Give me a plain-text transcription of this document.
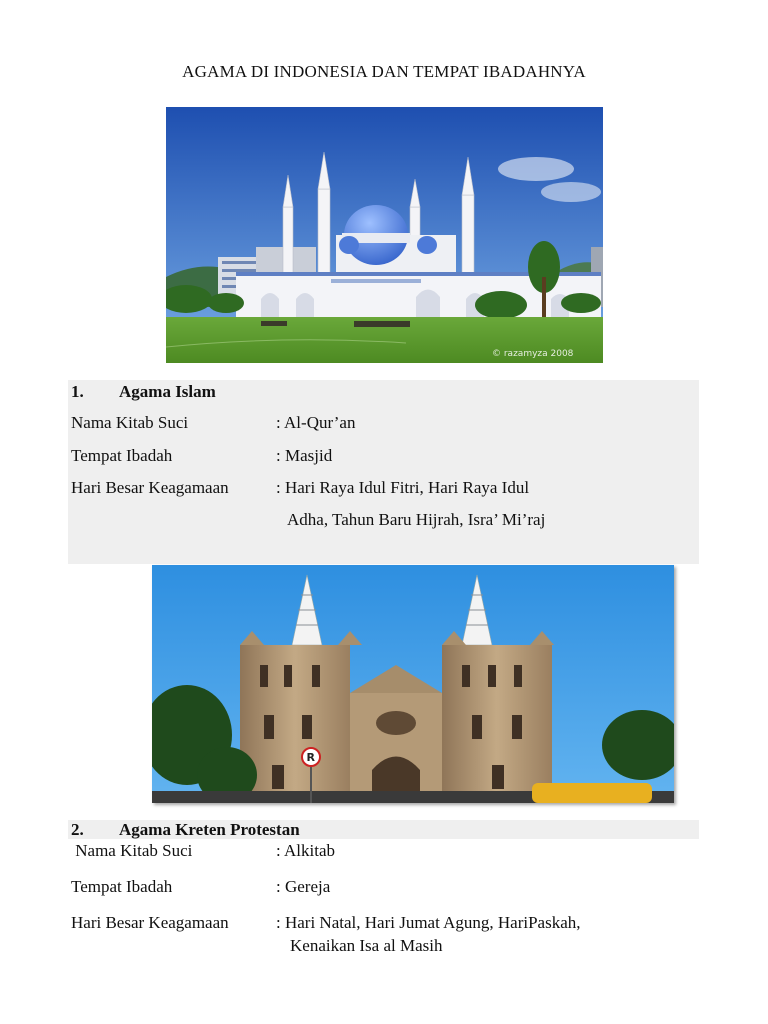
AGAMA DI INDONESIA DAN TEMPAT IBADAHNYA
© razamyza 2008
1. Agama Islam
Nama Kitab Suci	: Al-Qur’an
Tempat Ibadah	: Masjid
Hari Besar Keagamaan	: Hari Raya Idul Fitri, Hari Raya Idul
Adha, Tahun Baru Hijrah, Isra’ Mi’raj
R
2. Agama Kreten Protestan
Nama Kitab Suci	: Alkitab
Tempat Ibadah	: Gereja
Hari Besar Keagamaan	: Hari Natal, Hari Jumat Agung, HariPaskah,
Kenaikan Isa al Masih
